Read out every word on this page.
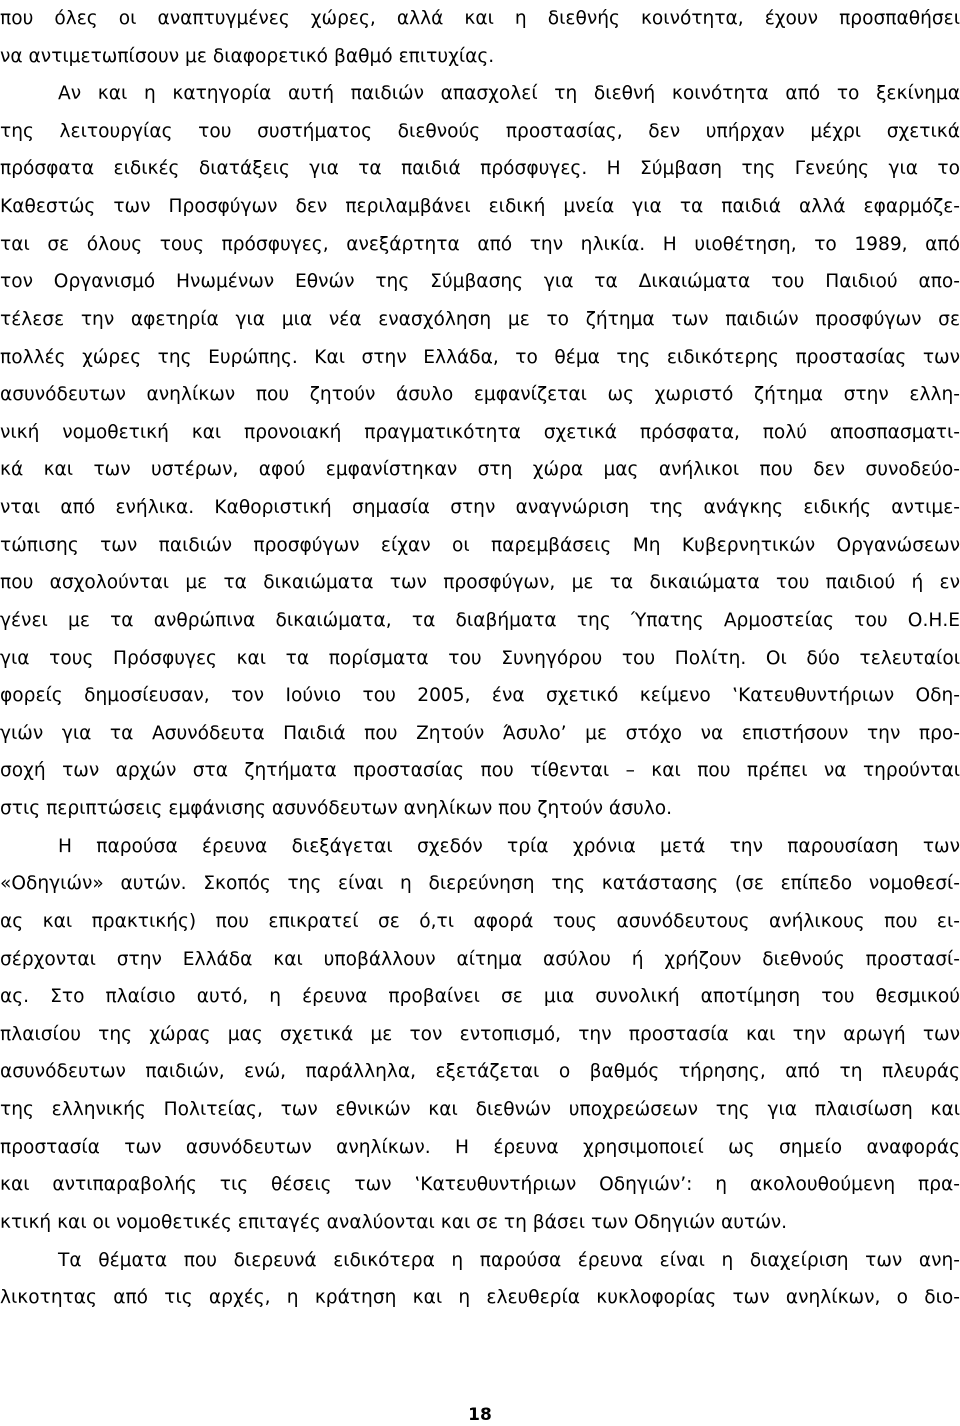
που όλες οι αναπτυγμένες χώρες, αλλά και η διεθνής κοινότητα, έχουν προσπαθήσει
να αντιμετωπίσουν με διαφορετικό βαθμό επιτυχίας.
Αν και η κατηγορία αυτή παιδιών απασχολεί τη διεθνή κοινότητα από το ξεκίνημα
της λειτουργίας του συστήματος διεθνούς προστασίας, δεν υπήρχαν μέχρι σχετικά
πρόσφατα ειδικές διατάξεις για τα παιδιά πρόσφυγες. Η Σύμβαση της Γενεύης για το
Καθεστώς των Προσφύγων δεν περιλαμβάνει ειδική μνεία για τα παιδιά αλλά εφαρμόζε-
ται σε όλους τους πρόσφυγες, ανεξάρτητα από την ηλικία. Η υιοθέτηση, το 1989, από
τον Οργανισμό Ηνωμένων Εθνών της Σύμβασης για τα Δικαιώματα του Παιδιού απο-
τέλεσε την αφετηρία για μια νέα ενασχόληση με το ζήτημα των παιδιών προσφύγων σε
πολλές χώρες της Ευρώπης. Και στην Ελλάδα, το θέμα της ειδικότερης προστασίας των
ασυνόδευτων ανηλίκων που ζητούν άσυλο εμφανίζεται ως χωριστό ζήτημα στην ελλη-
νική νομοθετική και προνοιακή πραγματικότητα σχετικά πρόσφατα, πολύ αποσπασματι-
κά και των υστέρων, αφού εμφανίστηκαν στη χώρα μας ανήλικοι που δεν συνοδεύο-
νται από ενήλικα. Καθοριστική σημασία στην αναγνώριση της ανάγκης ειδικής αντιμε-
τώπισης των παιδιών προσφύγων είχαν οι παρεμβάσεις Μη Κυβερνητικών Οργανώσεων
που ασχολούνται με τα δικαιώματα των προσφύγων, με τα δικαιώματα του παιδιού ή εν
γένει με τα ανθρώπινα δικαιώματα, τα διαβήματα της Ύπατης Αρμοστείας του Ο.Η.Ε
για τους Πρόσφυγες και τα πορίσματα του Συνηγόρου του Πολίτη. Οι δύο τελευταίοι
φορείς δημοσίευσαν, τον Ιούνιο του 2005, ένα σχετικό κείμενο ‛Κατευθυντήριων Οδη-
γιών για τα Ασυνόδευτα Παιδιά που Ζητούν Άσυλο’ με στόχο να επιστήσουν την προ-
σοχή των αρχών στα ζητήματα προστασίας που τίθενται – και που πρέπει να τηρούνται
στις περιπτώσεις εμφάνισης ασυνόδευτων ανηλίκων που ζητούν άσυλο.
Η παρούσα έρευνα διεξάγεται σχεδόν τρία χρόνια μετά την παρουσίαση των
«Οδηγιών» αυτών. Σκοπός της είναι η διερεύνηση της κατάστασης (σε επίπεδο νομοθεσί-
ας και πρακτικής) που επικρατεί σε ό,τι αφορά τους ασυνόδευτους ανήλικους που ει-
σέρχονται στην Ελλάδα και υποβάλλουν αίτημα ασύλου ή χρήζουν διεθνούς προστασί-
ας. Στο πλαίσιο αυτό, η έρευνα προβαίνει σε μια συνολική αποτίμηση του θεσμικού
πλαισίου της χώρας μας σχετικά με τον εντοπισμό, την προστασία και την αρωγή των
ασυνόδευτων παιδιών, ενώ, παράλληλα, εξετάζεται ο βαθμός τήρησης, από τη πλευράς
της ελληνικής Πολιτείας, των εθνικών και διεθνών υποχρεώσεων της για πλαισίωση και
προστασία των ασυνόδευτων ανηλίκων. Η έρευνα χρησιμοποιεί ως σημείο αναφοράς
και αντιπαραβολής τις θέσεις των ‛Κατευθυντήριων Οδηγιών’: η ακολουθούμενη πρα-
κτική και οι νομοθετικές επιταγές αναλύονται και σε τη βάσει των Οδηγιών αυτών.
Τα θέματα που διερευνά ειδικότερα η παρούσα έρευνα είναι η διαχείριση των ανη-
λικοτητας από τις αρχές, η κράτηση και η ελευθερία κυκλοφορίας των ανηλίκων, ο διο-
18
